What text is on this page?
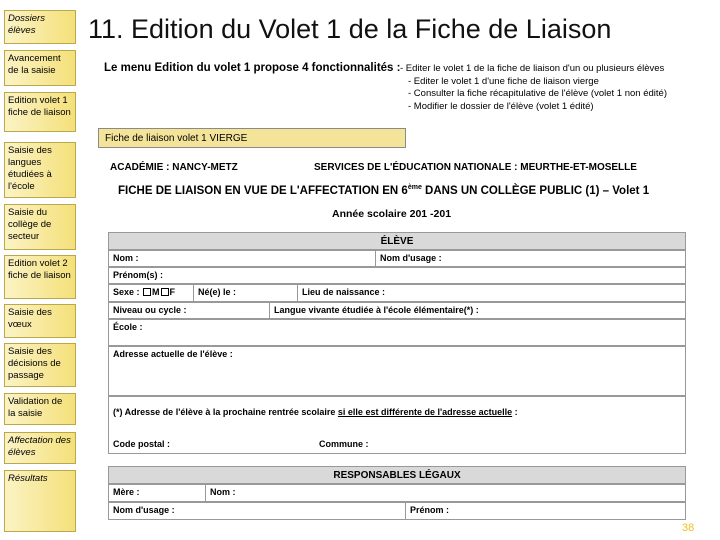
Dossiers élèves
Avancement de la saisie
Edition volet 1 fiche de liaison
Saisie des langues étudiées à l'école
Saisie du collège de secteur
Edition volet 2 fiche de liaison
Saisie des vœux
Saisie des décisions de passage
Validation de la saisie
Affectation des élèves
Résultats
11. Edition du Volet 1 de la Fiche de Liaison
Le menu Edition du volet 1 propose 4 fonctionnalités : - Editer le volet 1 de la fiche de liaison d'un ou plusieurs élèves
- Editer le volet 1 d'une fiche de liaison vierge
- Consulter la fiche récapitulative de l'élève (volet 1 non édité)
- Modifier le dossier de l'élève (volet 1 édité)
Fiche de liaison volet 1 VIERGE
ACADÉMIE : NANCY-METZ	SERVICES DE L'ÉDUCATION NATIONALE : MEURTHE-ET-MOSELLE
FICHE DE LIAISON EN VUE DE L'AFFECTATION EN 6ème DANS UN COLLÈGE PUBLIC (1) – Volet 1
Année scolaire 201 -201
ÉLÈVE
Nom :	Nom d'usage :
Prénom(s) :
Sexe : M F	Né(e) le :	Lieu de naissance :
Niveau ou cycle :	Langue vivante étudiée à l'école élémentaire(*) :
École :
Adresse actuelle de l'élève :
(*) Adresse de l'élève à la prochaine rentrée scolaire si elle est différente de l'adresse actuelle :
Code postal :	Commune :
RESPONSABLES LÉGAUX
Mère :	Nom :
Nom d'usage :	Prénom :
38
